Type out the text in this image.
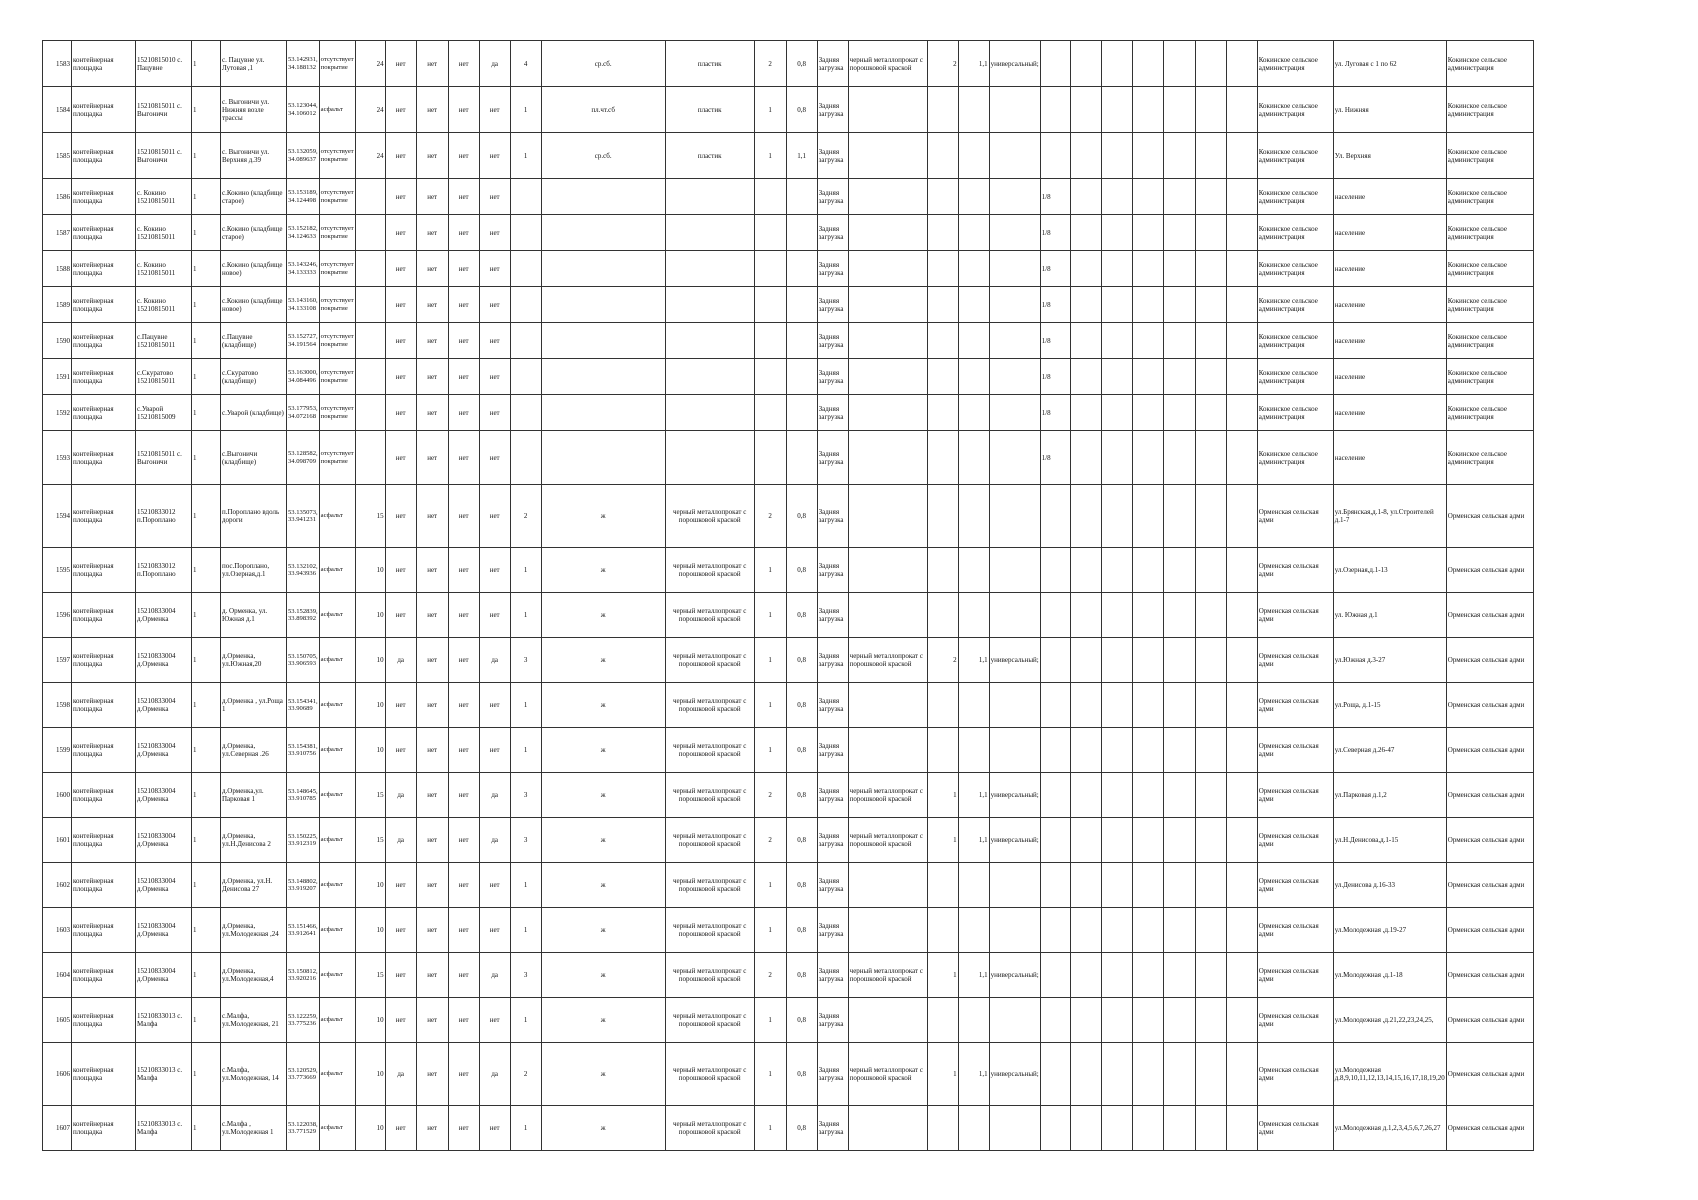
1583	контейнерная площадка	15210815010 с. Пацувне	1	с. Пацувне ул. Лутовая ,1	53.142931, 34.188132	отсутствует покрытие	24	нет	нет	нет	да	4	ср.сб.	пластик	2	0,8	Задняя загрузка	черный металлопрокат с порошковой краской	2	1,1	универсальный;								Кокинское сельское администрация	ул. Луговая с 1 по 62	Кокинское сельское администрация
1584	контейнерная площадка	15210815011 с. Выгоничи	1	с. Выгоничи ул. Нижняя возле трассы	53.123044, 34.106012	асфальт	24	нет	нет	нет	нет	1	пл.чт.сб	пластик	1	0,8	Задняя загрузка												Кокинское сельское администрация	ул. Нижняя	Кокинское сельское администрация
1585	контейнерная площадка	15210815011 с. Выгоничи	1	с. Выгоничи ул. Верхняя д.39	53.132059, 34.089637	отсутствует покрытие	24	нет	нет	нет	нет	1	ср.сб.	пластик	1	1,1	Задняя загрузка												Кокинское сельское администрация	Ул. Верхняя	Кокинское сельское администрация
1586	контейнерная площадка	с. Кокино 15210815011	1	с.Кокино (кладбище старое)	53.153189, 34.124498	отсутствует покрытие		нет	нет	нет	нет						Задняя загрузка					1/8							Кокинское сельское администрация	население	Кокинское сельское администрация
1587	контейнерная площадка	с. Кокино 15210815011	1	с.Кокино (кладбище старое)	53.152182, 34.124633	отсутствует покрытие		нет	нет	нет	нет						Задняя загрузка					1/8							Кокинское сельское администрация	население	Кокинское сельское администрация
1588	контейнерная площадка	с. Кокино 15210815011	1	с.Кокино (кладбище новое)	53.143246, 34.133333	отсутствует покрытие		нет	нет	нет	нет						Задняя загрузка					1/8							Кокинское сельское администрация	население	Кокинское сельское администрация
1589	контейнерная площадка	с. Кокино 15210815011	1	с.Кокино (кладбище новое)	53.143160, 34.133108	отсутствует покрытие		нет	нет	нет	нет						Задняя загрузка					1/8							Кокинское сельское администрация	население	Кокинское сельское администрация
1590	контейнерная площадка	с.Пацувне 15210815011	1	с.Пацувне (кладбище)	53.152727, 34.191564	отсутствует покрытие		нет	нет	нет	нет						Задняя загрузка					1/8							Кокинское сельское администрация	население	Кокинское сельское администрация
1591	контейнерная площадка	с.Скуратово 15210815011	1	с.Скуратово (кладбище)	53.163000, 34.084496	отсутствует покрытие		нет	нет	нет	нет						Задняя загрузка					1/8							Кокинское сельское администрация	население	Кокинское сельское администрация
1592	контейнерная площадка	с.Уварой 15210815009	1	с.Уварой (кладбище)	53.177953, 34.072168	отсутствует покрытие		нет	нет	нет	нет						Задняя загрузка					1/8							Кокинское сельское администрация	население	Кокинское сельское администрация
1593	контейнерная площадка	15210815011 с. Выгоничи	1	с.Выгоничи (кладбище)	53.128582, 34.098709	отсутствует покрытие		нет	нет	нет	нет						Задняя загрузка					1/8							Кокинское сельское администрация	население	Кокинское сельское администрация
1594	контейнерная площадка	15210833012 п.Пороплано	1	п.Пороплано вдоль дороги	53.135073, 33.941231	асфальт	15	нет	нет	нет	нет	2	ж	черный металлопрокат с порошковой краской	2	0,8	Задняя загрузка												Орменская сельская адми	ул.Брянская,д.1-8, ул.Строителей д.1-7	Орменская сельская адми
1595	контейнерная площадка	15210833012 п.Пороплано	1	пос.Пороплано, ул.Озерная,д.1	53.132102, 33.943936	асфальт	10	нет	нет	нет	нет	1	ж	черный металлопрокат с порошковой краской	1	0,8	Задняя загрузка												Орменская сельская адми	ул.Озерная,д.1-13	Орменская сельская адми
1596	контейнерная площадка	15210833004 д.Орменка	1	д. Орменка, ул. Южная д.1	53.152839, 33.898392	асфальт	10	нет	нет	нет	нет	1	ж	черный металлопрокат с порошковой краской	1	0,8	Задняя загрузка												Орменская сельская адми	ул. Южная д.1	Орменская сельская адми
1597	контейнерная площадка	15210833004 д.Орменка	1	д.Орменка, ул.Южная,20	53.150705, 33.906593	асфальт	10	да	нет	нет	да	3	ж	черный металлопрокат с порошковой краской	1	0,8	Задняя загрузка	черный металлопрокат с порошковой краской	2	1,1	универсальный;								Орменская сельская адми	ул.Южная д.3-27	Орменская сельская адми
1598	контейнерная площадка	15210833004 д.Орменка	1	д.Орменка , ул.Роща 1	53.154341, 33.90689	асфальт	10	нет	нет	нет	нет	1	ж	черный металлопрокат с порошковой краской	1	0,8	Задняя загрузка												Орменская сельская адми	ул.Роща, д.1-15	Орменская сельская адми
1599	контейнерная площадка	15210833004 д.Орменка	1	д.Орменка, ул.Северная .26	53.154381, 33.910756	асфальт	10	нет	нет	нет	нет	1	ж	черный металлопрокат с порошковой краской	1	0,8	Задняя загрузка												Орменская сельская адми	ул.Северная д.26-47	Орменская сельская адми
1600	контейнерная площадка	15210833004 д.Орменка	1	д.Орменка,ул. Парковая 1	53.148645, 33.910785	асфальт	15	да	нет	нет	да	3	ж	черный металлопрокат с порошковой краской	2	0,8	Задняя загрузка	черный металлопрокат с порошковой краской	1	1,1	универсальный;								Орменская сельская адми	ул.Парковая д.1,2	Орменская сельская адми
1601	контейнерная площадка	15210833004 д.Орменка	1	д.Орменка, ул.Н.Денисова 2	53.150225, 33.912319	асфальт	15	да	нет	нет	да	3	ж	черный металлопрокат с порошковой краской	2	0,8	Задняя загрузка	черный металлопрокат с порошковой краской	1	1,1	универсальный;								Орменская сельская адми	ул.Н.Денисова,д.1-15	Орменская сельская адми
1602	контейнерная площадка	15210833004 д.Орменка	1	д.Орменка, ул.Н. Денисова 27	53.148802, 33.919207	асфальт	10	нет	нет	нет	нет	1	ж	черный металлопрокат с порошковой краской	1	0,8	Задняя загрузка												Орменская сельская адми	ул.Денисова д.16-33	Орменская сельская адми
1603	контейнерная площадка	15210833004 д.Орменка	1	д.Орменка, ул.Молодежная ,24	53.151466, 33.912641	асфальт	10	нет	нет	нет	нет	1	ж	черный металлопрокат с порошковой краской	1	0,8	Задняя загрузка												Орменская сельская адми	ул.Молодежная ,д.19-27	Орменская сельская адми
1604	контейнерная площадка	15210833004 д.Орменка	1	д.Орменка, ул.Молодежная,4	53.150812, 33.920216	асфальт	15	нет	нет	нет	да	3	ж	черный металлопрокат с порошковой краской	2	0,8	Задняя загрузка	черный металлопрокат с порошковой краской	1	1,1	универсальный;								Орменская сельская адми	ул.Молодежная ,д.1-18	Орменская сельская адми
1605	контейнерная площадка	15210833013 с. Малфа	1	с.Малфа, ул.Молодежная, 21	53.122259, 33.775236	асфальт	10	нет	нет	нет	нет	1	ж	черный металлопрокат с порошковой краской	1	0,8	Задняя загрузка												Орменская сельская адми	ул.Молодежная ,д.21,22,23,24,25,	Орменская сельская адми
1606	контейнерная площадка	15210833013 с. Малфа	1	с.Малфа, ул.Молодежная, 14	53.120529, 33.773669	асфальт	10	да	нет	нет	да	2	ж	черный металлопрокат с порошковой краской	1	0,8	Задняя загрузка	черный металлопрокат с порошковой краской	1	1,1	универсальный;								Орменская сельская адми	ул.Молодежная д.8,9,10,11,12,13,14,15,16,17,18,19,20	Орменская сельская адми
1607	контейнерная площадка	15210833013 с. Малфа	1	с.Малфа , ул.Молодежная 1	53.122038, 33.771529	асфальт	10	нет	нет	нет	нет	1	ж	черный металлопрокат с порошковой краской	1	0,8	Задняя загрузка												Орменская сельская адми	ул.Молодежная д.1,2,3,4,5,6,7,26,27	Орменская сельская адми
